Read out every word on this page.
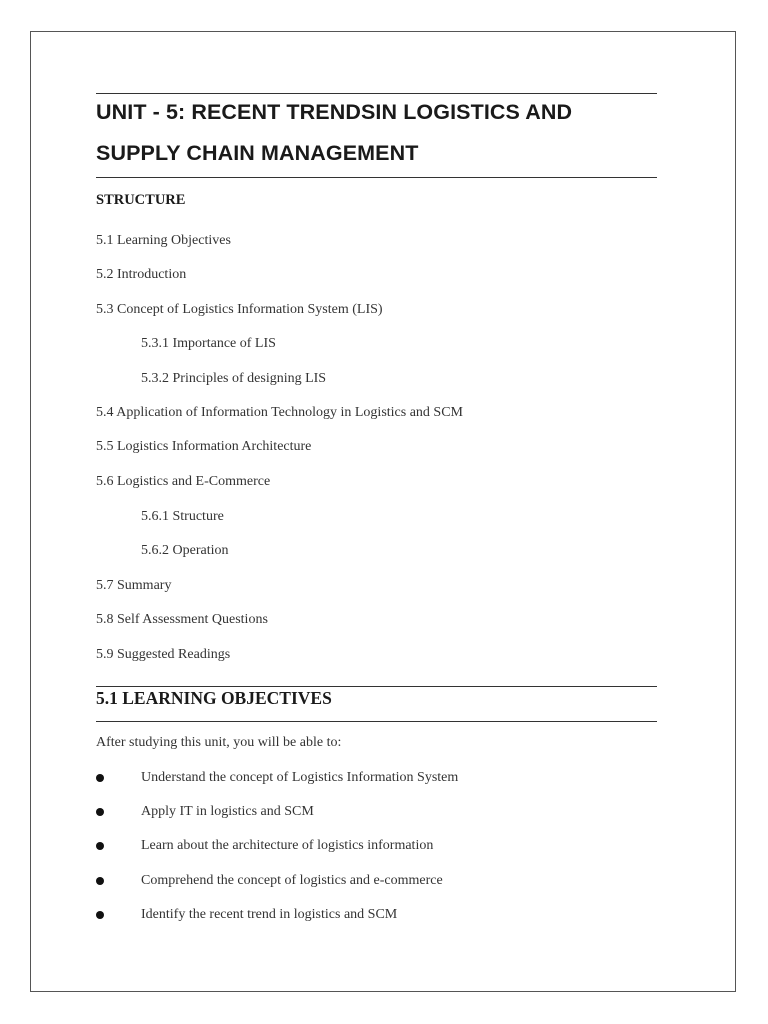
UNIT - 5: RECENT TRENDSIN LOGISTICS AND
SUPPLY CHAIN MANAGEMENT
STRUCTURE
5.1 Learning Objectives
5.2 Introduction
5.3 Concept of Logistics Information System (LIS)
5.3.1 Importance of LIS
5.3.2 Principles of designing LIS
5.4 Application of Information Technology in Logistics and SCM
5.5 Logistics Information Architecture
5.6 Logistics and E-Commerce
5.6.1 Structure
5.6.2 Operation
5.7 Summary
5.8 Self Assessment Questions
5.9 Suggested Readings
5.1 LEARNING OBJECTIVES

After studying this unit, you will be able to:

Understand the concept of Logistics Information System
Apply IT in logistics and SCM
Learn about the architecture of logistics information
Comprehend the concept of logistics and e-commerce
Identify the recent trend in logistics and SCM
